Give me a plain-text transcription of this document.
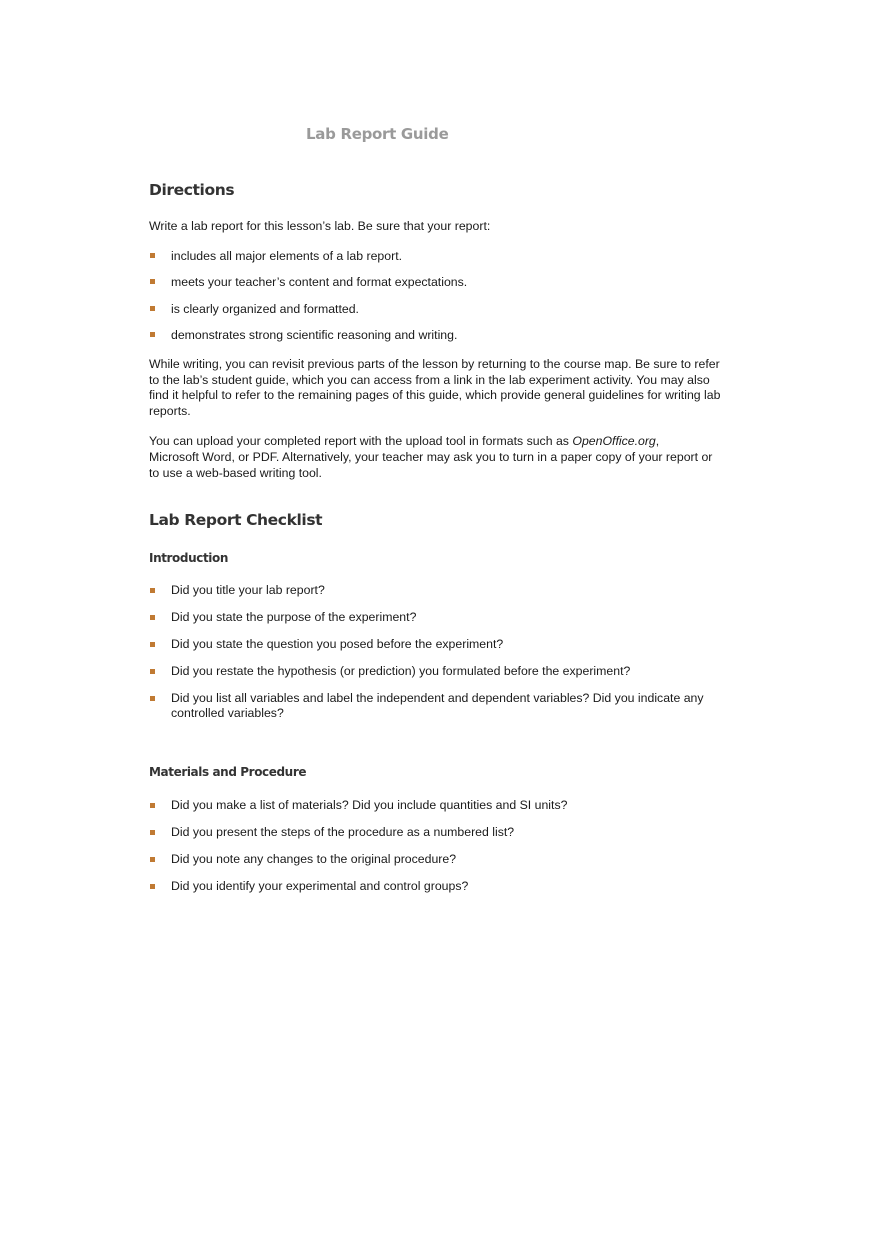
Lab Report Guide
Directions
Write a lab report for this lesson’s lab. Be sure that your report:
includes all major elements of a lab report.
meets your teacher’s content and format expectations.
is clearly organized and formatted.
demonstrates strong scientific reasoning and writing.
While writing, you can revisit previous parts of the lesson by returning to the course map. Be sure to refer
to the lab’s student guide, which you can access from a link in the lab experiment activity. You may also
find it helpful to refer to the remaining pages of this guide, which provide general guidelines for writing lab
reports.
You can upload your completed report with the upload tool in formats such as OpenOffice.org,
Microsoft Word, or PDF. Alternatively, your teacher may ask you to turn in a paper copy of your report or
to use a web-based writing tool.
Lab Report Checklist
Introduction
Did you title your lab report?
Did you state the purpose of the experiment?
Did you state the question you posed before the experiment?
Did you restate the hypothesis (or prediction) you formulated before the experiment?
Did you list all variables and label the independent and dependent variables? Did you indicate any
controlled variables?
Materials and Procedure
Did you make a list of materials? Did you include quantities and SI units?
Did you present the steps of the procedure as a numbered list?
Did you note any changes to the original procedure?
Did you identify your experimental and control groups?
